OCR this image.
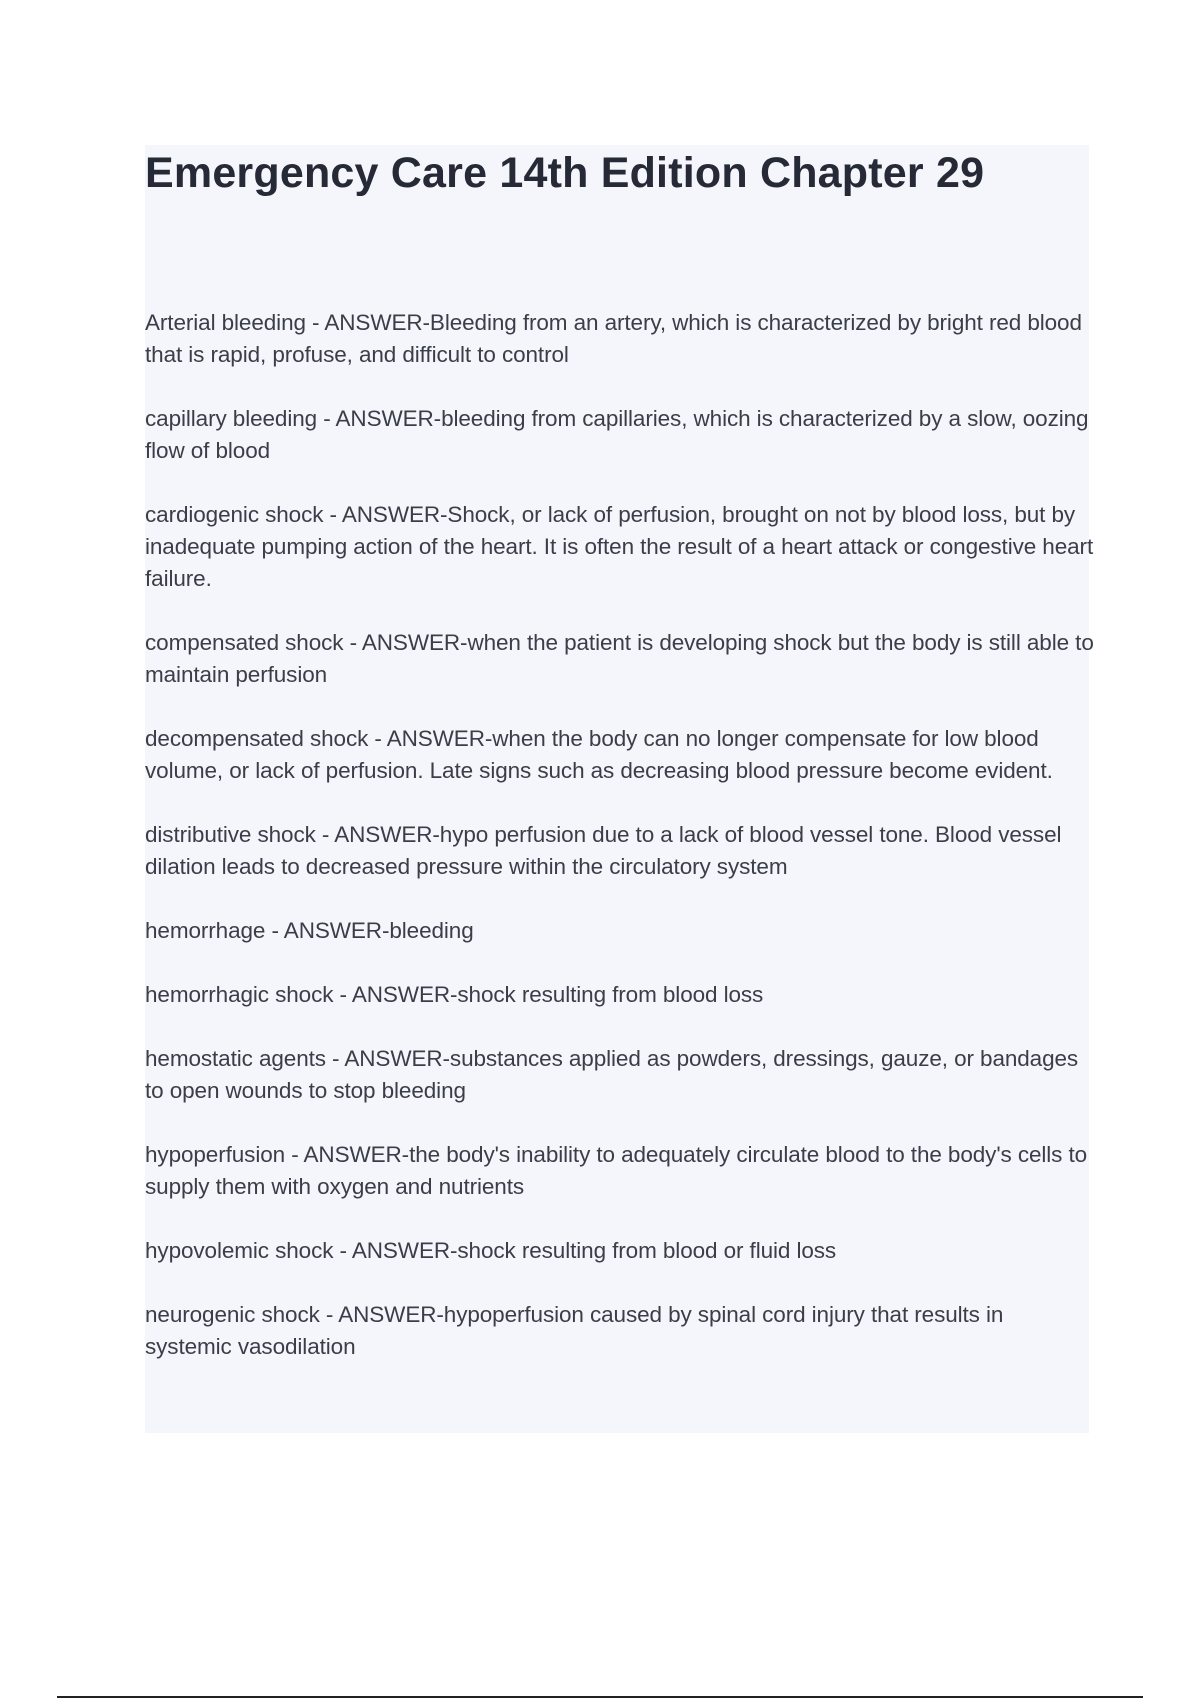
Emergency Care 14th Edition Chapter 29
Arterial bleeding - ANSWER-Bleeding from an artery, which is characterized by bright red blood that is rapid, profuse, and difficult to control
capillary bleeding - ANSWER-bleeding from capillaries, which is characterized by a slow, oozing flow of blood
cardiogenic shock - ANSWER-Shock, or lack of perfusion, brought on not by blood loss, but by inadequate pumping action of the heart. It is often the result of a heart attack or congestive heart failure.
compensated shock - ANSWER-when the patient is developing shock but the body is still able to maintain perfusion
decompensated shock - ANSWER-when the body can no longer compensate for low blood volume, or lack of perfusion. Late signs such as decreasing blood pressure become evident.
distributive shock - ANSWER-hypo perfusion due to a lack of blood vessel tone. Blood vessel dilation leads to decreased pressure within the circulatory system
hemorrhage - ANSWER-bleeding
hemorrhagic shock - ANSWER-shock resulting from blood loss
hemostatic agents - ANSWER-substances applied as powders, dressings, gauze, or bandages to open wounds to stop bleeding
hypoperfusion - ANSWER-the body's inability to adequately circulate blood to the body's cells to supply them with oxygen and nutrients
hypovolemic shock - ANSWER-shock resulting from blood or fluid loss
neurogenic shock - ANSWER-hypoperfusion caused by spinal cord injury that results in systemic vasodilation
